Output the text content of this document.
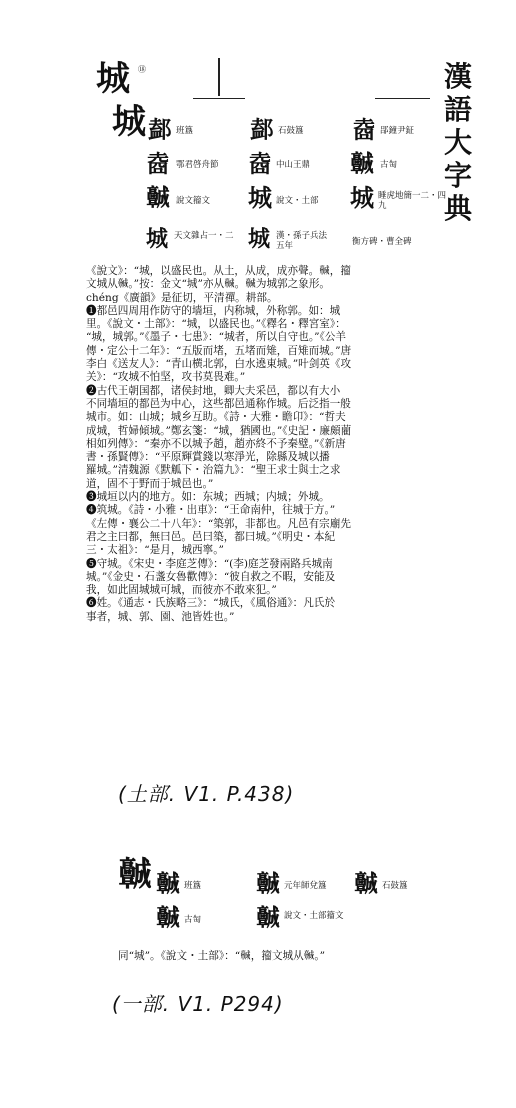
城 ⑱	漢
語
大
字
典
城 𨜴 班簋 𨜴 石鼓簋 𡍬 郘鐘尹鉦
𡍬 鄂君啓舟節 𡍬 中山王鼎 𩫨 古匋
𩫨 說文籀文 城 說文・土部 城 睡虎地簡一二・四九
城 天文雜占一・二 城 漢・孫子兵法五年	衡方碑・曹全碑

《說文》：“城，以盛民也。从土，从成，成亦聲。𩫨，籀

文城从𩫨。”按：金文“城”亦从𩫨。𩫨为城郭之象形。

chéng《廣韻》是征切，平清禪。耕部。

❶都邑四周用作防守的墙垣，内称城，外称郭。如：城

里。《說文・土部》：“城，以盛民也。”《釋名・釋宮室》：

“城，城郭。”《墨子・七患》：“城者，所以自守也。”《公羊

傳・定公十二年》：“五版而堵，五堵而雉，百雉而城。”唐

李白《送友人》：“青山横北郭，白水遶東城。”叶剑英《攻

关》：“攻城不怕坚，攻书莫畏难。”

❷古代王朝国都，诸侯封地，卿大夫采邑，都以有大小

不同墙垣的都邑为中心，这些都邑通称作城。后泛指一般

城市。如：山城；城乡互助。《詩・大雅・瞻卬》：“哲夫

成城，哲婦傾城。”鄭玄箋：“城，猶國也。”《史記・廉頗藺

相如列傳》：“秦亦不以城予趙，趙亦終不予秦璧。”《新唐

書・孫賢傳》：“平原輝賞錢以寒淨光，除縣及城以播

羅城。”清魏源《默觚下・治篇九》：“聖王求士與士之求

道，固不于野而于城邑也。”

❸城垣以内的地方。如：东城；西城；内城；外城。

❹筑城。《詩・小雅・出車》：“王命南仲，往城于方。”

《左傳・襄公二十八年》：“築郭，非都也。凡邑有宗廟先

君之主曰都，無曰邑。邑曰築，都曰城。”《明史・本紀

三・太祖》：“是月，城西寧。”

❺守城。《宋史・李庭芝傳》：“(李)庭芝發兩路兵城南

城。”《金史・石盞女魯歡傳》：“彼自救之不暇，安能及

我，如此固城城可城，而彼亦不敢來犯。”

❻姓。《通志・氏族略三》：“城氏，《風俗通》：凡氏於

事者，城、郭、園、池皆姓也。”

(土部. V1. P.438)
𩫨 𩫨 班簋 𩫨 元年師兌簋 𩫨 石鼓簋
𩫨 古匋 𩫨 說文・土部籀文
同“城”。《說文・土部》：“𩫨，籀文城从𩫨。”
(一部. V1. P294)
